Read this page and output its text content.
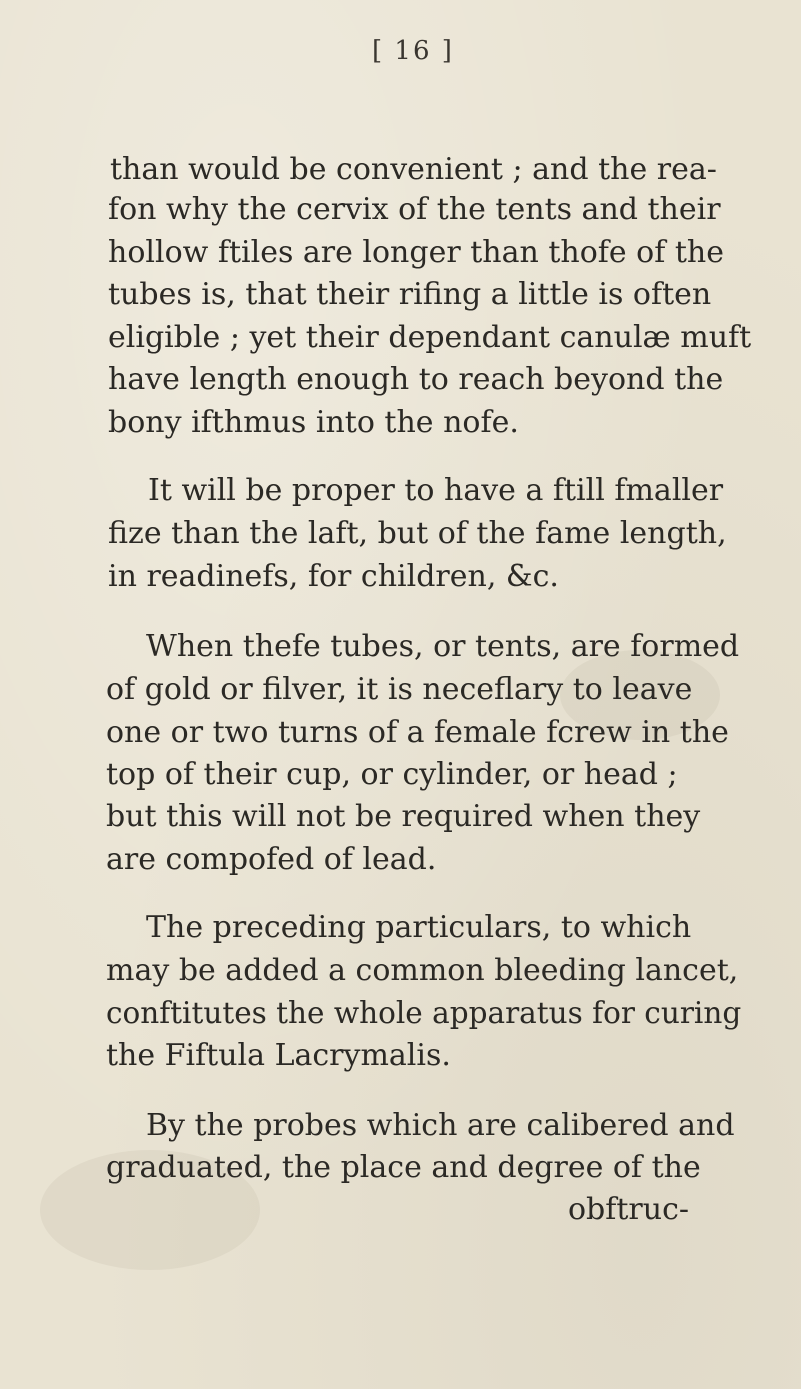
[ 16 ]
than would be convenient ; and the rea-
fon why the cervix of the tents and their
hollow ftiles are longer than thofe of the
tubes is, that their rifing a little is often
eligible ; yet their dependant canulæ muft
have length enough to reach beyond the
bony ifthmus into the nofe.
It will be proper to have a ftill fmaller
fize than the laft, but of the fame length,
in readinefs, for children, &c.
When thefe tubes, or tents, are formed
of gold or filver, it is neceflary to leave
one or two turns of a female fcrew in the
top of their cup, or cylinder, or head ;
but this will not be required when they
are compofed of lead.
The preceding particulars, to which
may be added a common bleeding lancet,
conftitutes the whole apparatus for curing
the Fiftula Lacrymalis.
By the probes which are calibered and
graduated, the place and degree of the
obftruc-
